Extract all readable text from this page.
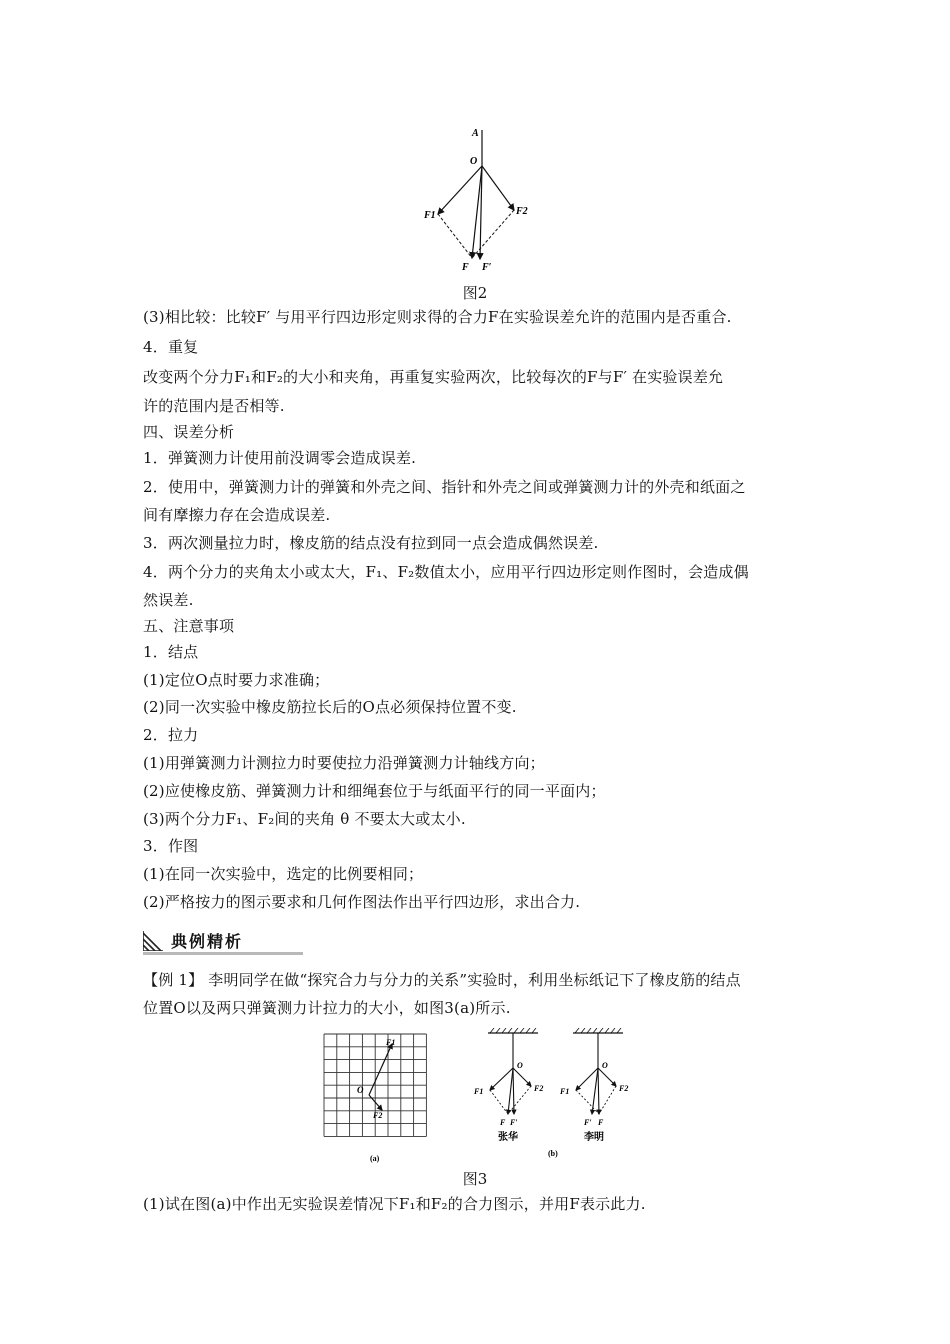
A
O
F1	F2
F F′
图2
(3)相比较：比较F′ 与用平行四边形定则求得的合力F在实验误差允许的范围内是否重合.
4．重复
改变两个分力F₁和F₂的大小和夹角，再重复实验两次，比较每次的F与F′ 在实验误差允
许的范围内是否相等.
四、误差分析
1．弹簧测力计使用前没调零会造成误差.
2．使用中，弹簧测力计的弹簧和外壳之间、指针和外壳之间或弹簧测力计的外壳和纸面之
间有摩擦力存在会造成误差.
3．两次测量拉力时，橡皮筋的结点没有拉到同一点会造成偶然误差.
4．两个分力的夹角太小或太大，F₁、F₂数值太小，应用平行四边形定则作图时，会造成偶
然误差.
五、注意事项
1．结点
(1)定位O点时要力求准确；
(2)同一次实验中橡皮筋拉长后的O点必须保持位置不变.
2．拉力
(1)用弹簧测力计测拉力时要使拉力沿弹簧测力计轴线方向；
(2)应使橡皮筋、弹簧测力计和细绳套位于与纸面平行的同一平面内；
(3)两个分力F₁、F₂间的夹角 θ 不要太大或太小.
3．作图
(1)在同一次实验中，选定的比例要相同；
(2)严格按力的图示要求和几何作图法作出平行四边形，求出合力.
典例精析
【例 1】 李明同学在做“探究合力与分力的关系”实验时，利用坐标纸记下了橡皮筋的结点
位置O以及两只弹簧测力计拉力的大小，如图3(a)所示.
O
F1
F2
(a)
O
F1	F2
F F′
张华
O
F1	F2
F′ F
李明
(b)
图3
(1)试在图(a)中作出无实验误差情况下F₁和F₂的合力图示，并用F表示此力.
